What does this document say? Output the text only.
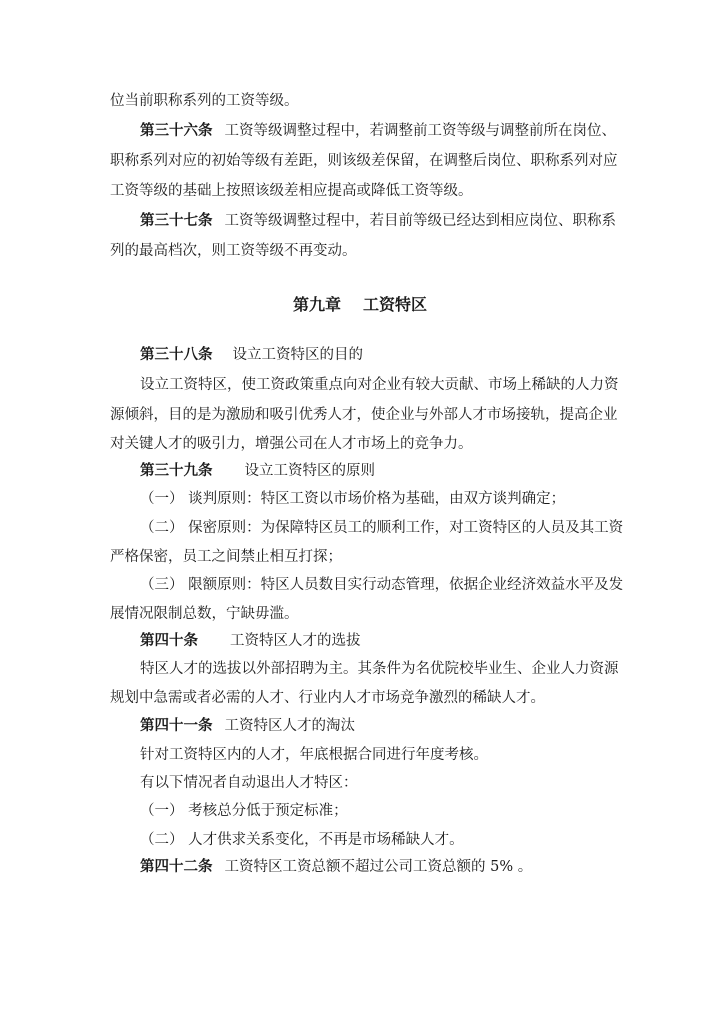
位当前职称系列的工资等级。
第三十六条 工资等级调整过程中，若调整前工资等级与调整前所在岗位、
职称系列对应的初始等级有差距，则该级差保留，在调整后岗位、职称系列对应
工资等级的基础上按照该级差相应提高或降低工资等级。
第三十七条 工资等级调整过程中，若目前等级已经达到相应岗位、职称系
列的最高档次，则工资等级不再变动。
第九章 工资特区
第三十八条 设立工资特区的目的
设立工资特区，使工资政策重点向对企业有较大贡献、市场上稀缺的人力资
源倾斜，目的是为激励和吸引优秀人才，使企业与外部人才市场接轨，提高企业
对关键人才的吸引力，增强公司在人才市场上的竞争力。
第三十九条 设立工资特区的原则
（一） 谈判原则：特区工资以市场价格为基础，由双方谈判确定；
（二） 保密原则：为保障特区员工的顺利工作，对工资特区的人员及其工资
严格保密，员工之间禁止相互打探；
（三） 限额原则：特区人员数目实行动态管理，依据企业经济效益水平及发
展情况限制总数，宁缺毋滥。
第四十条 工资特区人才的选拔
特区人才的选拔以外部招聘为主。其条件为名优院校毕业生、企业人力资源
规划中急需或者必需的人才、行业内人才市场竞争激烈的稀缺人才。
第四十一条 工资特区人才的淘汰
针对工资特区内的人才，年底根据合同进行年度考核。
有以下情况者自动退出人才特区：
（一） 考核总分低于预定标准；
（二） 人才供求关系变化，不再是市场稀缺人才。
第四十二条 工资特区工资总额不超过公司工资总额的 5% 。
